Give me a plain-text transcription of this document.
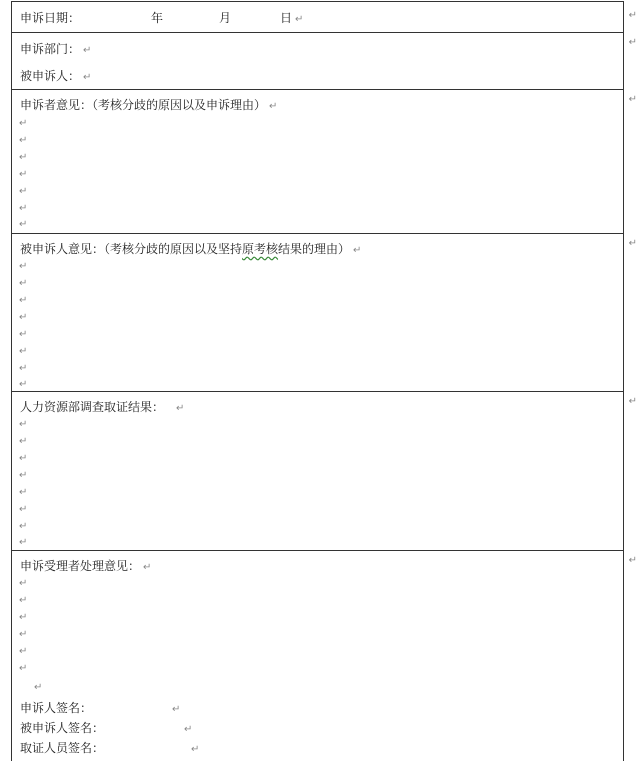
申诉日期：	年	月	日 ↵
申诉部门： ↵
被申诉人： ↵
申诉者意见：（考核分歧的原因以及申诉理由） ↵
↵
↵
↵
↵
↵
↵
↵
被申诉人意见：（考核分歧的原因以及坚持原考核结果的理由） ↵
↵
↵
↵
↵
↵
↵
↵
↵
人力资源部调查取证结果： ↵
↵
↵
↵
↵
↵
↵
↵
↵
申诉受理者处理意见： ↵
↵
↵
↵
↵
↵
↵
↵
申诉人签名：	↵
被申诉人签名：	↵
取证人员签名：	↵
↵
↵
↵
↵
↵
↵
